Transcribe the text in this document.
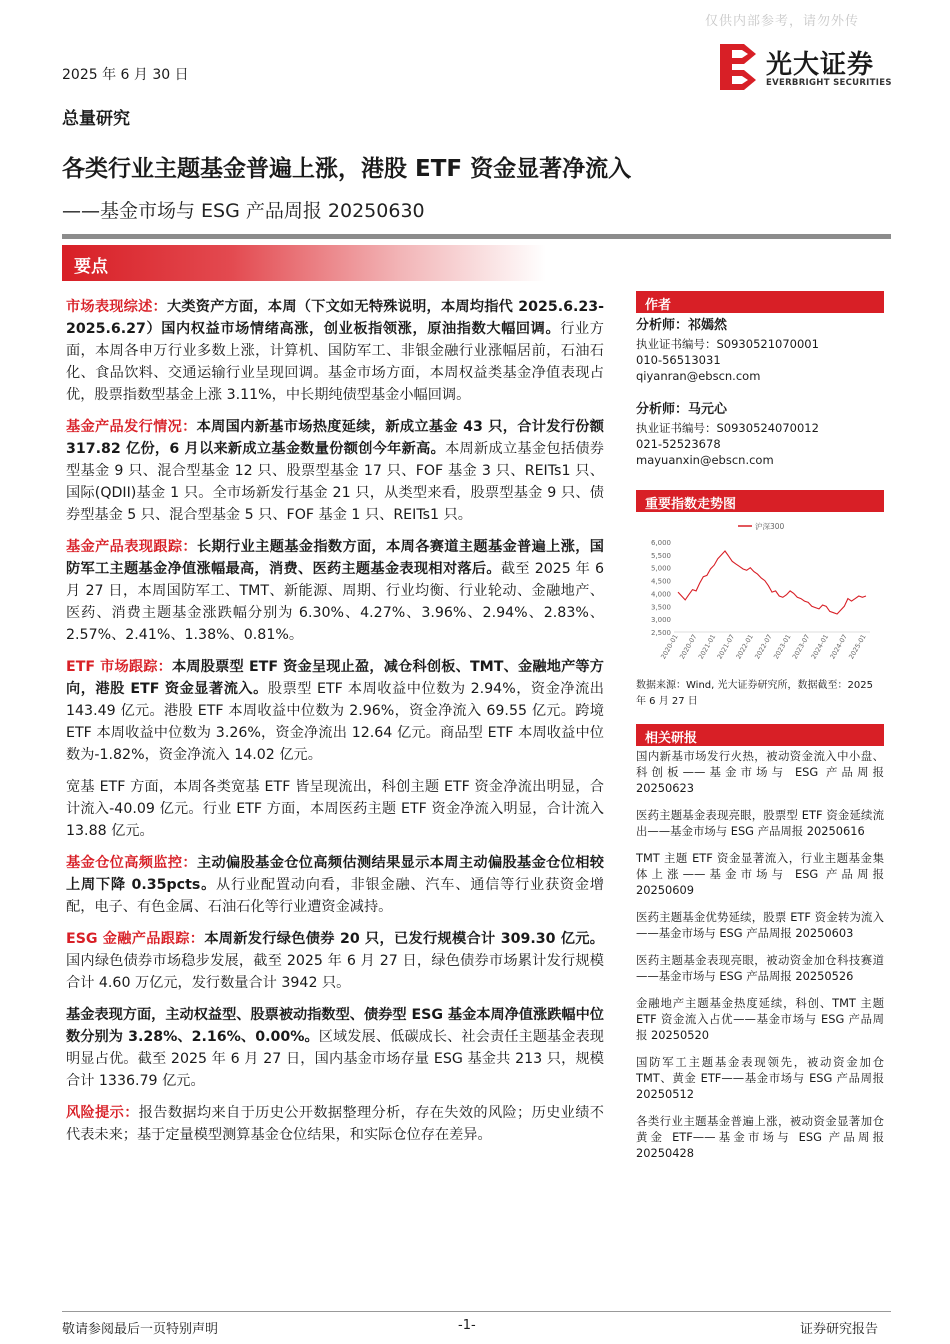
仅供内部参考，请勿外传
2025 年 6 月 30 日	光大证券
EVERBRIGHT SECURITIES
总量研究
各类行业主题基金普遍上涨，港股 ETF 资金显著净流入
——基金市场与 ESG 产品周报 20250630
要点

市场表现综述：大类资产方面，本周（下文如无特殊说明，本周均指代 2025.6.23-2025.6.27）国内权益市场情绪高涨，创业板指领涨，原油指数大幅回调。行业方面，本周各申万行业多数上涨，计算机、国防军工、非银金融行业涨幅居前，石油石化、食品饮料、交通运输行业呈现回调。基金市场方面，本周权益类基金净值表现占优，股票指数型基金上涨 3.11%，中长期纯债型基金小幅回调。

基金产品发行情况：本周国内新基市场热度延续，新成立基金 43 只，合计发行份额 317.82 亿份，6 月以来新成立基金数量份额创今年新高。本周新成立基金包括债券型基金 9 只、混合型基金 12 只、股票型基金 17 只、FOF 基金 3 只、REITs1 只、国际(QDII)基金 1 只。全市场新发行基金 21 只，从类型来看，股票型基金 9 只、债券型基金 5 只、混合型基金 5 只、FOF 基金 1 只、REITs1 只。

基金产品表现跟踪：长期行业主题基金指数方面，本周各赛道主题基金普遍上涨，国防军工主题基金净值涨幅最高，消费、医药主题基金表现相对落后。截至 2025 年 6 月 27 日，本周国防军工、TMT、新能源、周期、行业均衡、行业轮动、金融地产、医药、消费主题基金涨跌幅分别为 6.30%、4.27%、3.96%、2.94%、2.83%、2.57%、2.41%、1.38%、0.81%。

ETF 市场跟踪：本周股票型 ETF 资金呈现止盈，减仓科创板、TMT、金融地产等方向，港股 ETF 资金显著流入。股票型 ETF 本周收益中位数为 2.94%，资金净流出 143.49 亿元。港股 ETF 本周收益中位数为 2.96%，资金净流入 69.55 亿元。跨境 ETF 本周收益中位数为 3.26%，资金净流出 12.64 亿元。商品型 ETF 本周收益中位数为-1.82%，资金净流入 14.02 亿元。

宽基 ETF 方面，本周各类宽基 ETF 皆呈现流出，科创主题 ETF 资金净流出明显，合计流入-40.09 亿元。行业 ETF 方面，本周医药主题 ETF 资金净流入明显，合计流入 13.88 亿元。

基金仓位高频监控：主动偏股基金仓位高频估测结果显示本周主动偏股基金仓位相较上周下降 0.35pcts。从行业配置动向看，非银金融、汽车、通信等行业获资金增配，电子、有色金属、石油石化等行业遭资金减持。

ESG 金融产品跟踪：本周新发行绿色债券 20 只，已发行规模合计 309.30 亿元。国内绿色债券市场稳步发展，截至 2025 年 6 月 27 日，绿色债券市场累计发行规模合计 4.60 万亿元，发行数量合计 3942 只。

基金表现方面，主动权益型、股票被动指数型、债券型 ESG 基金本周净值涨跌幅中位数分别为 3.28%、2.16%、0.00%。区域发展、低碳成长、社会责任主题基金表现明显占优。截至 2025 年 6 月 27 日，国内基金市场存量 ESG 基金共 213 只，规模合计 1336.79 亿元。

风险提示：报告数据均来自于历史公开数据整理分析，存在失效的风险；历史业绩不代表未来；基于定量模型测算基金仓位结果，和实际仓位存在差异。

作者
分析师：祁嫣然
执业证书编号：S0930521070001
010-56513031
qiyanran@ebscn.com
分析师：马元心
执业证书编号：S0930524070012
021-52523678
mayuanxin@ebscn.com
重要指数走势图
6,000
5,500
5,000
4,500
4,000
3,500
3,000
2,500
2020-01
2020-07
2021-01
2021-07
2022-01
2022-07
2023-01
2023-07
2024-01
2024-07
2025-01
沪深300
数据来源：Wind, 光大证券研究所，数据截至：2025 年 6 月 27 日
相关研报
国内新基市场发行火热，被动资金流入中小盘、科创板——基金市场与 ESG 产品周报 20250623
医药主题基金表现亮眼，股票型 ETF 资金延续流出——基金市场与 ESG 产品周报 20250616
TMT 主题 ETF 资金显著流入，行业主题基金集体上涨——基金市场与 ESG 产品周报 20250609
医药主题基金优势延续，股票 ETF 资金转为流入——基金市场与 ESG 产品周报 20250603
医药主题基金表现亮眼，被动资金加仓科技赛道——基金市场与 ESG 产品周报 20250526
金融地产主题基金热度延续，科创、TMT 主题 ETF 资金流入占优——基金市场与 ESG 产品周报 20250520
国防军工主题基金表现领先，被动资金加仓 TMT、黄金 ETF——基金市场与 ESG 产品周报 20250512
各类行业主题基金普遍上涨，被动资金显著加仓黄金 ETF——基金市场与 ESG 产品周报 20250428
敬请参阅最后一页特别声明	-1-	证券研究报告
